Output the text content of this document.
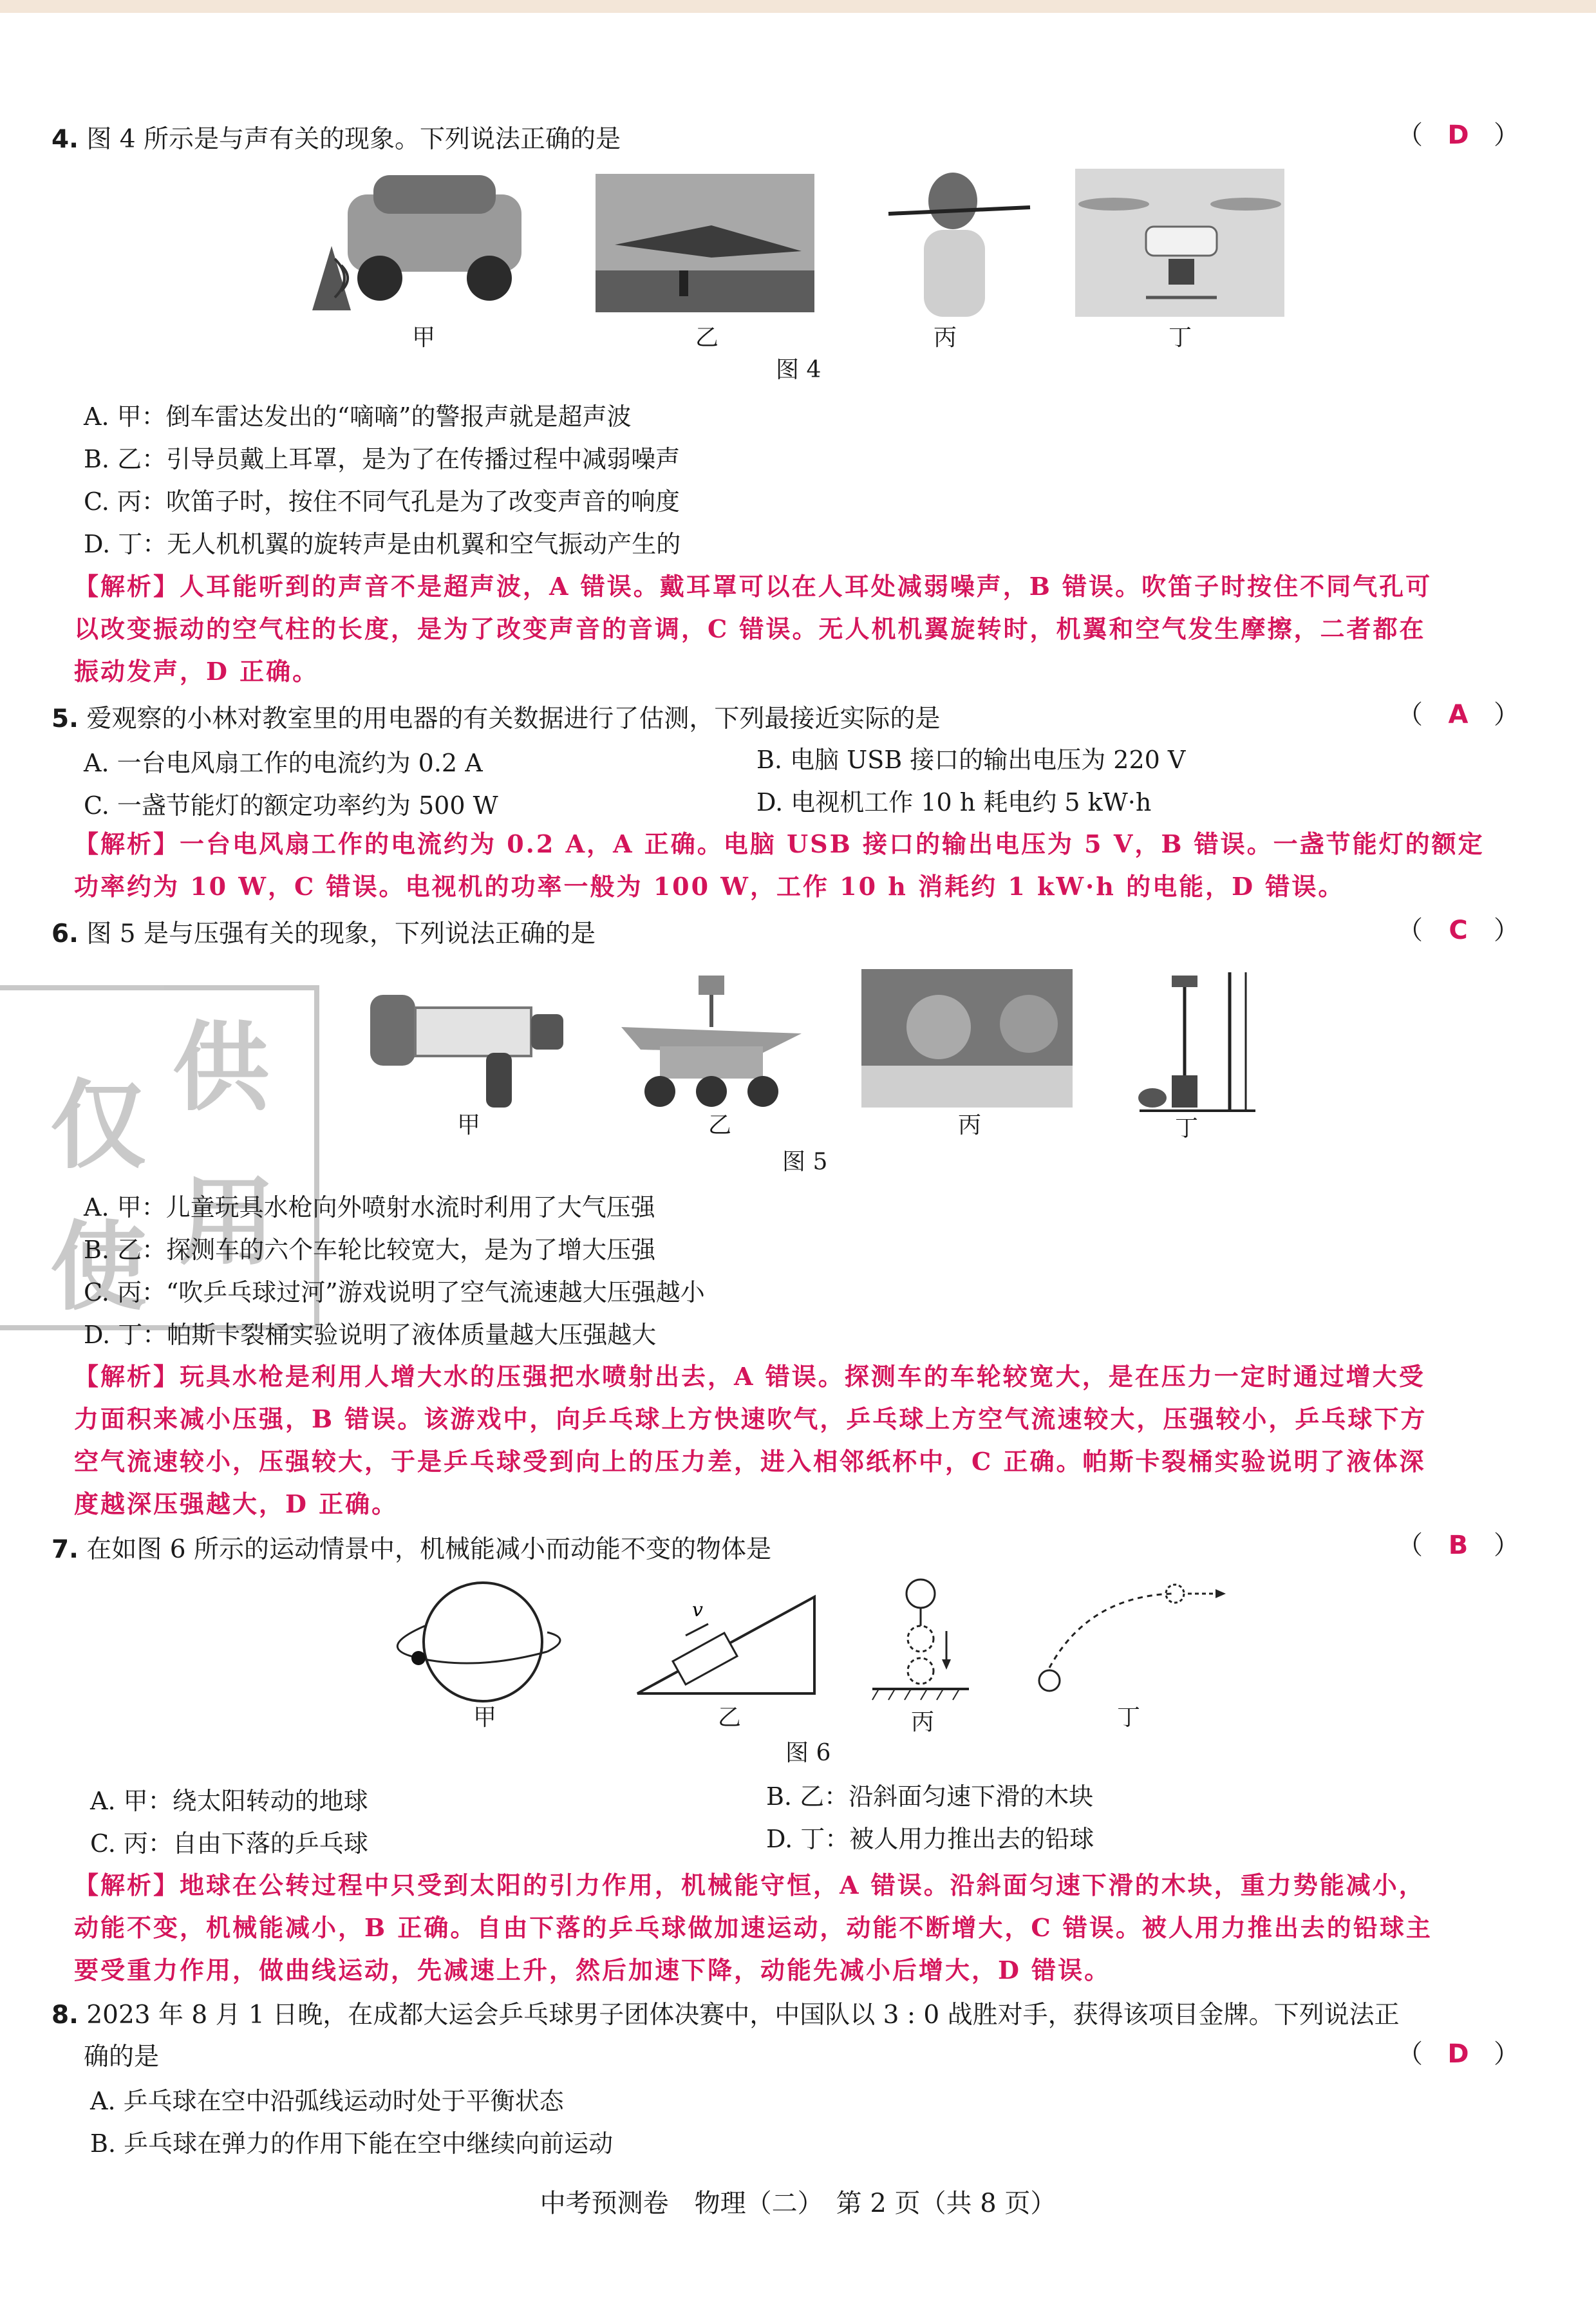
供
仅
用
使
4. 图 4 所示是与声有关的现象。下列说法正确的是	（ D ）
甲	乙	丙	丁
图 4
A. 甲：倒车雷达发出的“嘀嘀”的警报声就是超声波
B. 乙：引导员戴上耳罩，是为了在传播过程中减弱噪声
C. 丙：吹笛子时，按住不同气孔是为了改变声音的响度
D. 丁：无人机机翼的旋转声是由机翼和空气振动产生的
【解析】人耳能听到的声音不是超声波，A 错误。戴耳罩可以在人耳处减弱噪声，B 错误。吹笛子时按住不同气孔可
以改变振动的空气柱的长度，是为了改变声音的音调，C 错误。无人机机翼旋转时，机翼和空气发生摩擦，二者都在
振动发声，D 正确。
5. 爱观察的小林对教室里的用电器的有关数据进行了估测，下列最接近实际的是	（ A ）
A. 一台电风扇工作的电流约为 0.2 A	B. 电脑 USB 接口的输出电压为 220 V
C. 一盏节能灯的额定功率约为 500 W	D. 电视机工作 10 h 耗电约 5 kW·h
【解析】一台电风扇工作的电流约为 0.2 A，A 正确。电脑 USB 接口的输出电压为 5 V，B 错误。一盏节能灯的额定
功率约为 10 W，C 错误。电视机的功率一般为 100 W，工作 10 h 消耗约 1 kW·h 的电能，D 错误。
6. 图 5 是与压强有关的现象，下列说法正确的是	（ C ）
甲	乙	丙	丁
图 5
A. 甲：儿童玩具水枪向外喷射水流时利用了大气压强
B. 乙：探测车的六个车轮比较宽大，是为了增大压强
C. 丙：“吹乒乓球过河”游戏说明了空气流速越大压强越小
D. 丁：帕斯卡裂桶实验说明了液体质量越大压强越大
【解析】玩具水枪是利用人增大水的压强把水喷射出去，A 错误。探测车的车轮较宽大，是在压力一定时通过增大受
力面积来减小压强，B 错误。该游戏中，向乒乓球上方快速吹气，乒乓球上方空气流速较大，压强较小，乒乓球下方
空气流速较小，压强较大，于是乒乓球受到向上的压力差，进入相邻纸杯中，C 正确。帕斯卡裂桶实验说明了液体深
度越深压强越大，D 正确。
7. 在如图 6 所示的运动情景中，机械能减小而动能不变的物体是	（ B ）
v
甲	乙	丙	丁
图 6
A. 甲：绕太阳转动的地球	B. 乙：沿斜面匀速下滑的木块
C. 丙：自由下落的乒乓球	D. 丁：被人用力推出去的铅球
【解析】地球在公转过程中只受到太阳的引力作用，机械能守恒，A 错误。沿斜面匀速下滑的木块，重力势能减小，
动能不变，机械能减小，B 正确。自由下落的乒乓球做加速运动，动能不断增大，C 错误。被人用力推出去的铅球主
要受重力作用，做曲线运动，先减速上升，然后加速下降，动能先减小后增大，D 错误。
8. 2023 年 8 月 1 日晚，在成都大运会乒乓球男子团体决赛中，中国队以 3 : 0 战胜对手，获得该项目金牌。下列说法正
确的是	（ D ）
A. 乒乓球在空中沿弧线运动时处于平衡状态
B. 乒乓球在弹力的作用下能在空中继续向前运动
中考预测卷　物理（二）　第 2 页（共 8 页）
